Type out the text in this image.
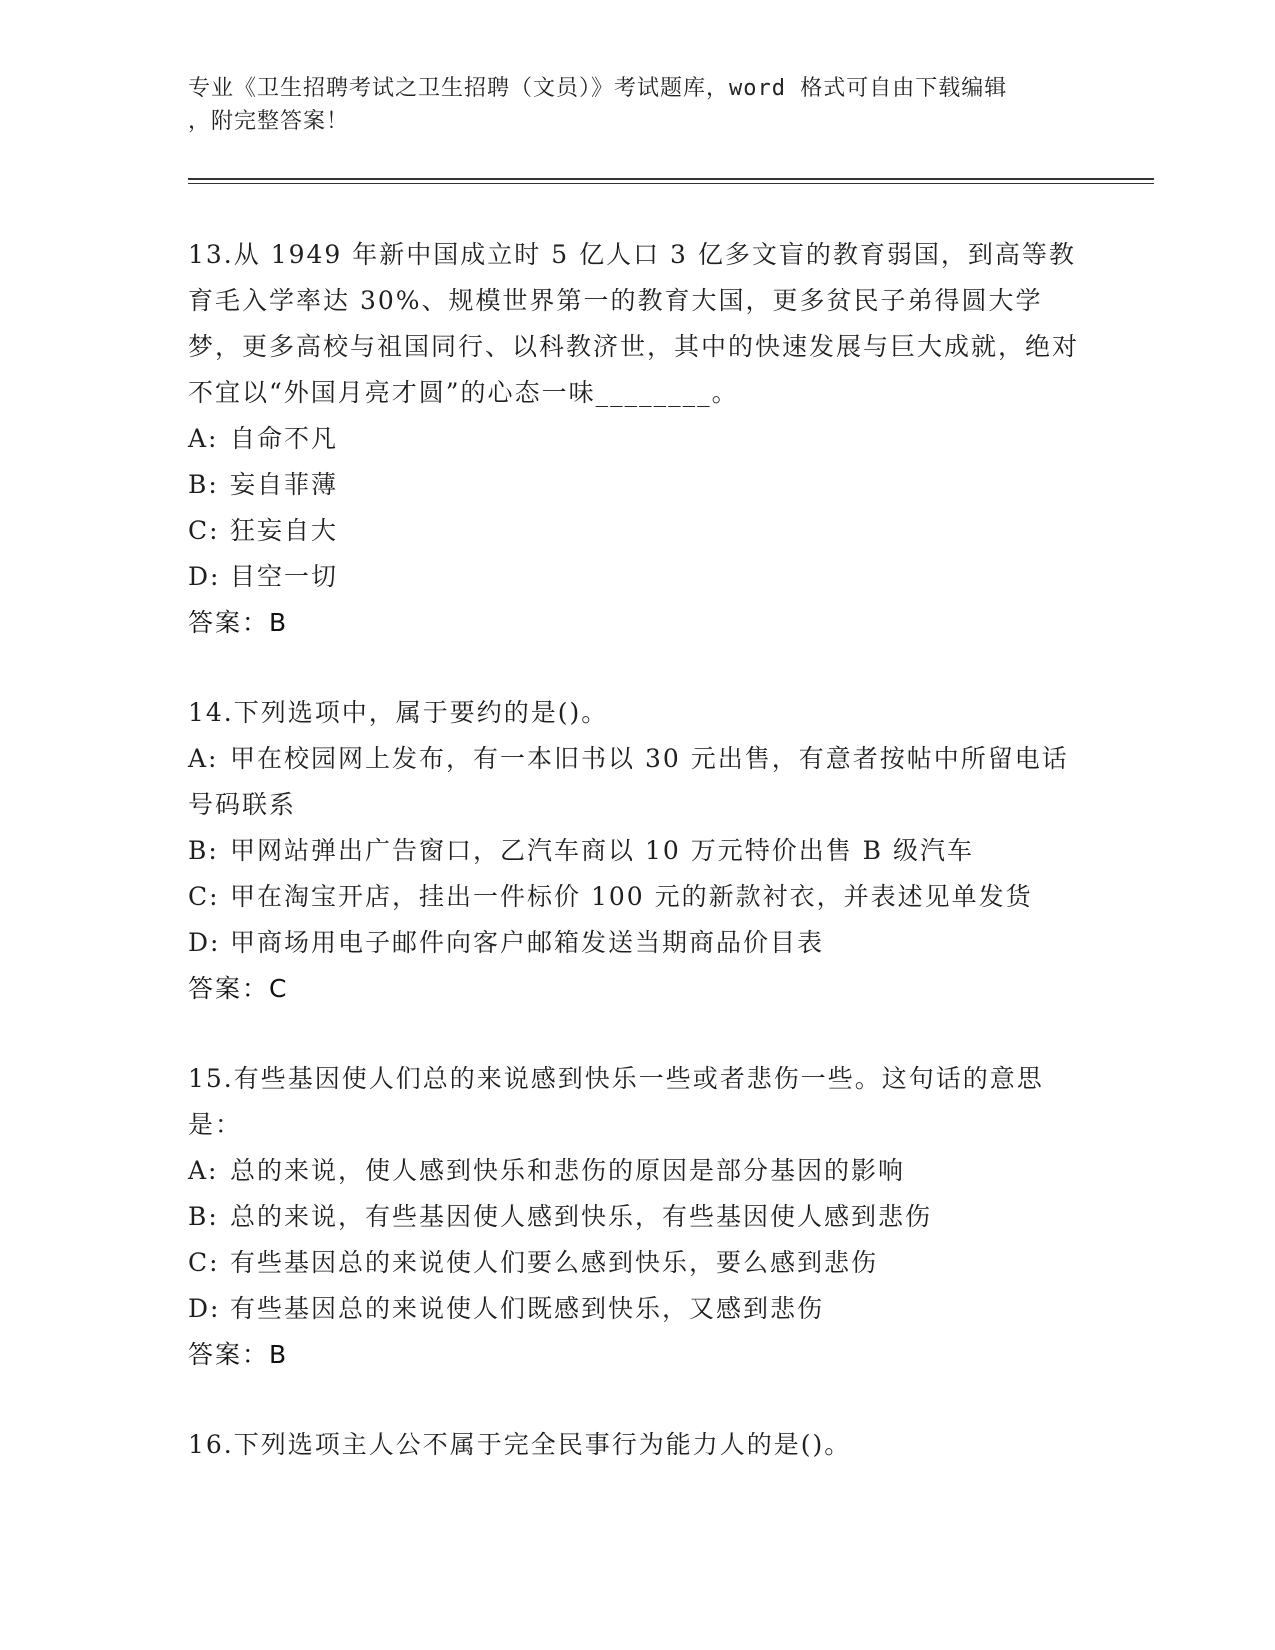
专业《卫生招聘考试之卫生招聘（文员）》考试题库，word 格式可自由下载编辑
，附完整答案！
13.从 1949 年新中国成立时 5 亿人口 3 亿多文盲的教育弱国，到高等教育毛入学率达 30%、规模世界第一的教育大国，更多贫民子弟得圆大学梦，更多高校与祖国同行、以科教济世，其中的快速发展与巨大成就，绝对不宜以“外国月亮才圆”的心态一味________。
A: 自命不凡
B: 妄自菲薄
C: 狂妄自大
D: 目空一切
答案：B
14.下列选项中，属于要约的是()。
A: 甲在校园网上发布，有一本旧书以 30 元出售，有意者按帖中所留电话号码联系
B: 甲网站弹出广告窗口，乙汽车商以 10 万元特价出售 B 级汽车
C: 甲在淘宝开店，挂出一件标价 100 元的新款衬衣，并表述见单发货
D: 甲商场用电子邮件向客户邮箱发送当期商品价目表
答案：C
15.有些基因使人们总的来说感到快乐一些或者悲伤一些。这句话的意思是：
A: 总的来说，使人感到快乐和悲伤的原因是部分基因的影响
B: 总的来说，有些基因使人感到快乐，有些基因使人感到悲伤
C: 有些基因总的来说使人们要么感到快乐，要么感到悲伤
D: 有些基因总的来说使人们既感到快乐，又感到悲伤
答案：B
16.下列选项主人公不属于完全民事行为能力人的是()。
